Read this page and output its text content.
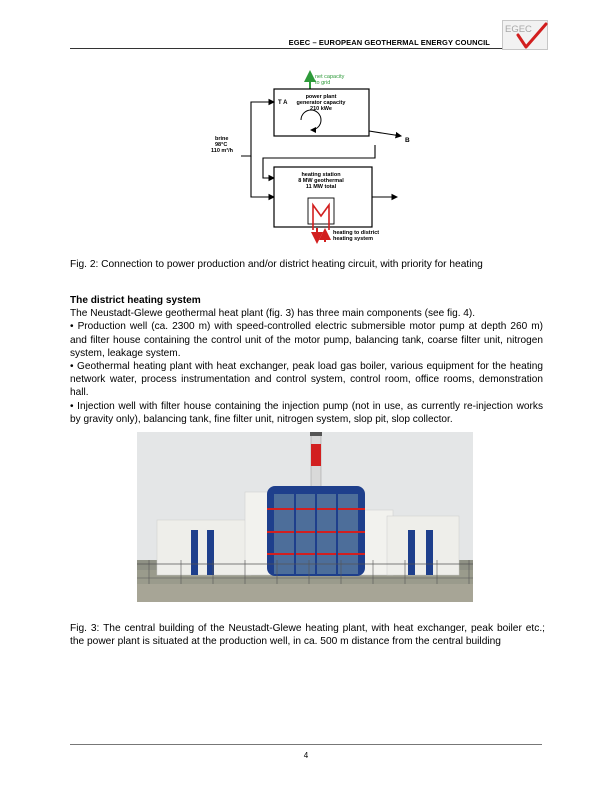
EGEC – EUROPEAN GEOTHERMAL ENERGY COUNCIL
EGEC
net capacity
to grid
power plant
generator capacity
210 kWe
T A
B
brine
98°C
110 m³/h
heating station
8 MW geothermal
11 MW total
heating to district
heating system
Fig. 2: Connection to power production and/or district heating circuit, with priority for heating

The district heating system

The Neustadt-Glewe geothermal heat plant (fig. 3) has three main components (see fig. 4).

• Production well (ca. 2300 m) with speed-controlled electric submersible motor pump at depth 260 m) and filter house containing the control unit of the motor pump, balancing tank, coarse filter unit, nitrogen system, leakage system.

• Geothermal heating plant with heat exchanger, peak load gas boiler, various equipment for the heating network water, process instrumentation and control system, control room, office rooms, demonstration hall.

• Injection well with filter house containing the injection pump (not in use, as currently re-injection works by gravity only), balancing tank, fine filter unit, nitrogen system, slop pit, slop collector.

Fig. 3: The central building of the Neustadt-Glewe heating plant, with heat exchanger, peak boiler etc.; the power plant is situated at the production well, in ca. 500 m distance from the central building
4
